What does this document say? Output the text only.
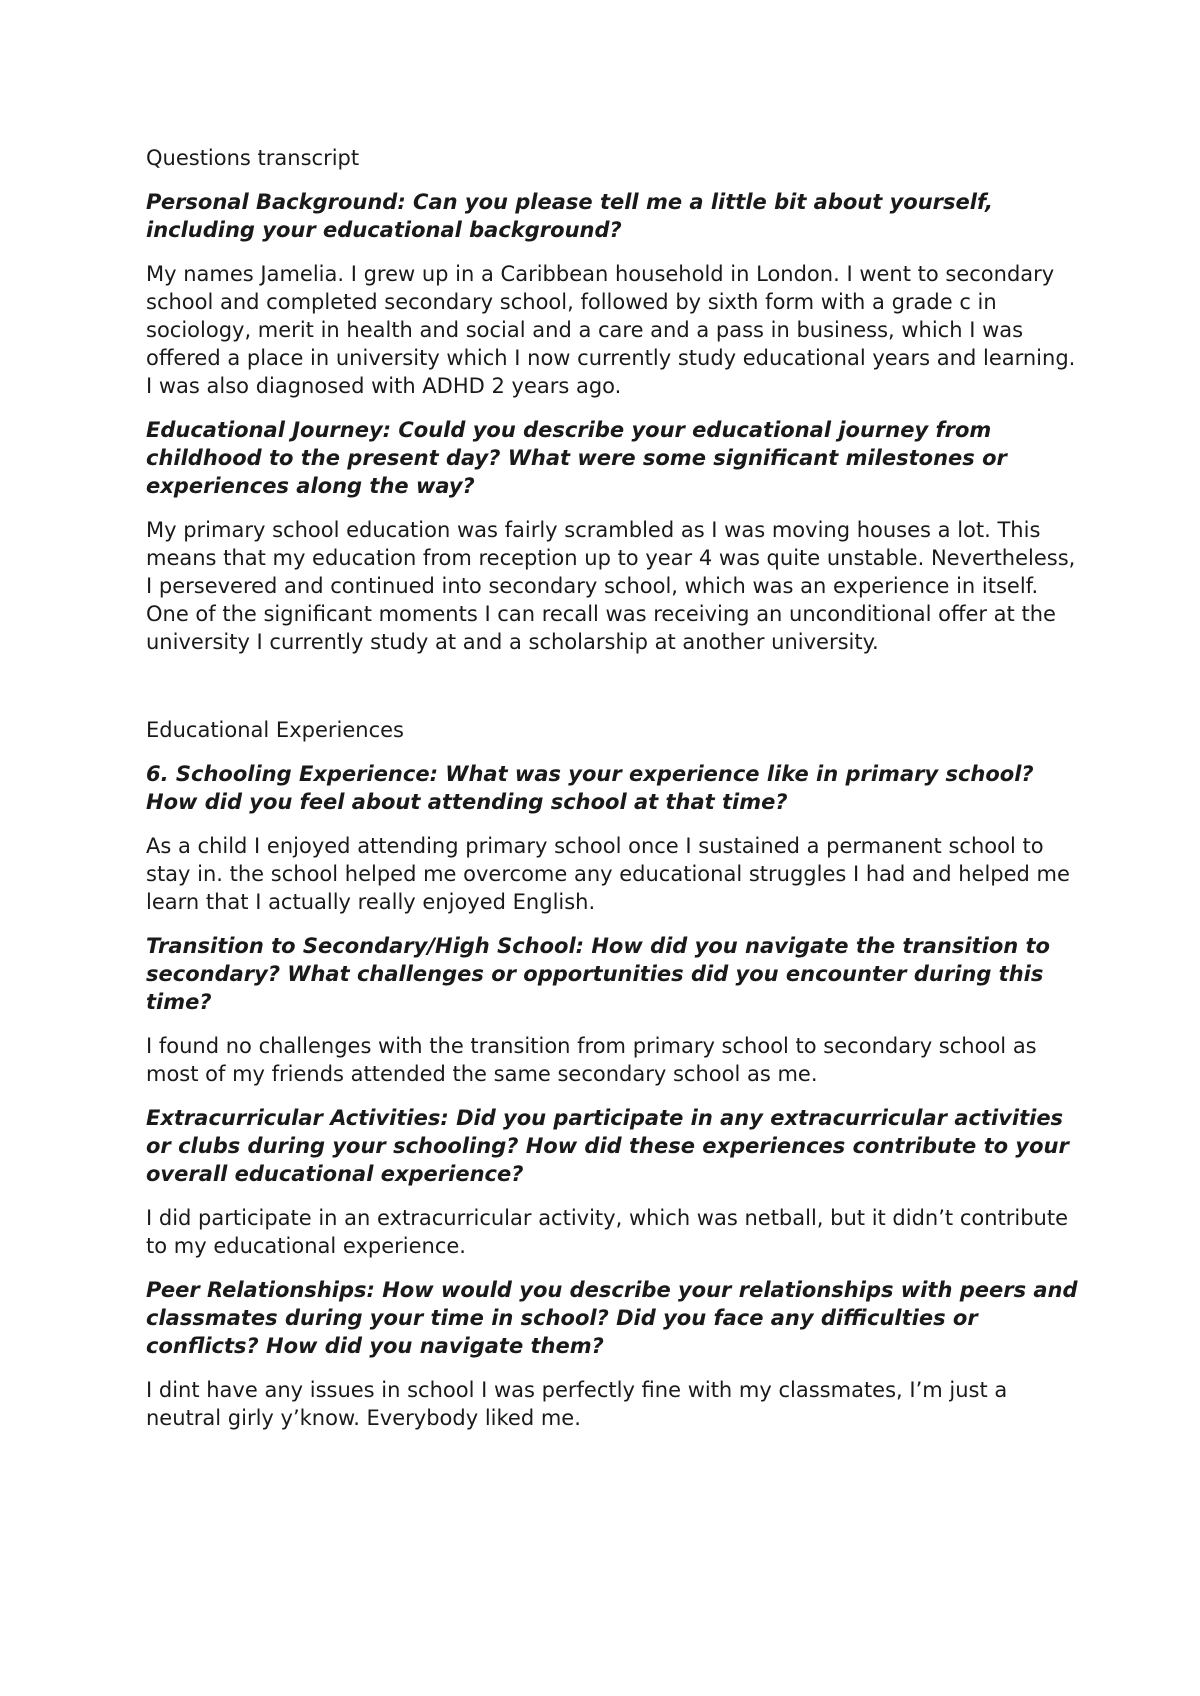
Questions transcript

Personal Background: Can you please tell me a little bit about yourself, including your educational background?

My names Jamelia. I grew up in a Caribbean household in London. I went to secondary school and completed secondary school, followed by sixth form with a grade c in sociology, merit in health and social and a care and a pass in business, which I was offered a place in university which I now currently study educational years and learning. I was also diagnosed with ADHD 2 years ago.

Educational Journey: Could you describe your educational journey from childhood to the present day? What were some significant milestones or experiences along the way?

My primary school education was fairly scrambled as I was moving houses a lot. This means that my education from reception up to year 4 was quite unstable. Nevertheless, I persevered and continued into secondary school, which was an experience in itself. One of the significant moments I can recall was receiving an unconditional offer at the university I currently study at and a scholarship at another university.

Educational Experiences

6. Schooling Experience: What was your experience like in primary school? How did you feel about attending school at that time?

As a child I enjoyed attending primary school once I sustained a permanent school to stay in. the school helped me overcome any educational struggles I had and helped me learn that I actually really enjoyed English.

Transition to Secondary/High School: How did you navigate the transition to secondary? What challenges or opportunities did you encounter during this time?

I found no challenges with the transition from primary school to secondary school as most of my friends attended the same secondary school as me.

Extracurricular Activities: Did you participate in any extracurricular activities or clubs during your schooling? How did these experiences contribute to your overall educational experience?

I did participate in an extracurricular activity, which was netball, but it didn’t contribute to my educational experience.

Peer Relationships: How would you describe your relationships with peers and classmates during your time in school? Did you face any difficulties or conflicts? How did you navigate them?

I dint have any issues in school I was perfectly fine with my classmates, I’m just a neutral girly y’know. Everybody liked me.
